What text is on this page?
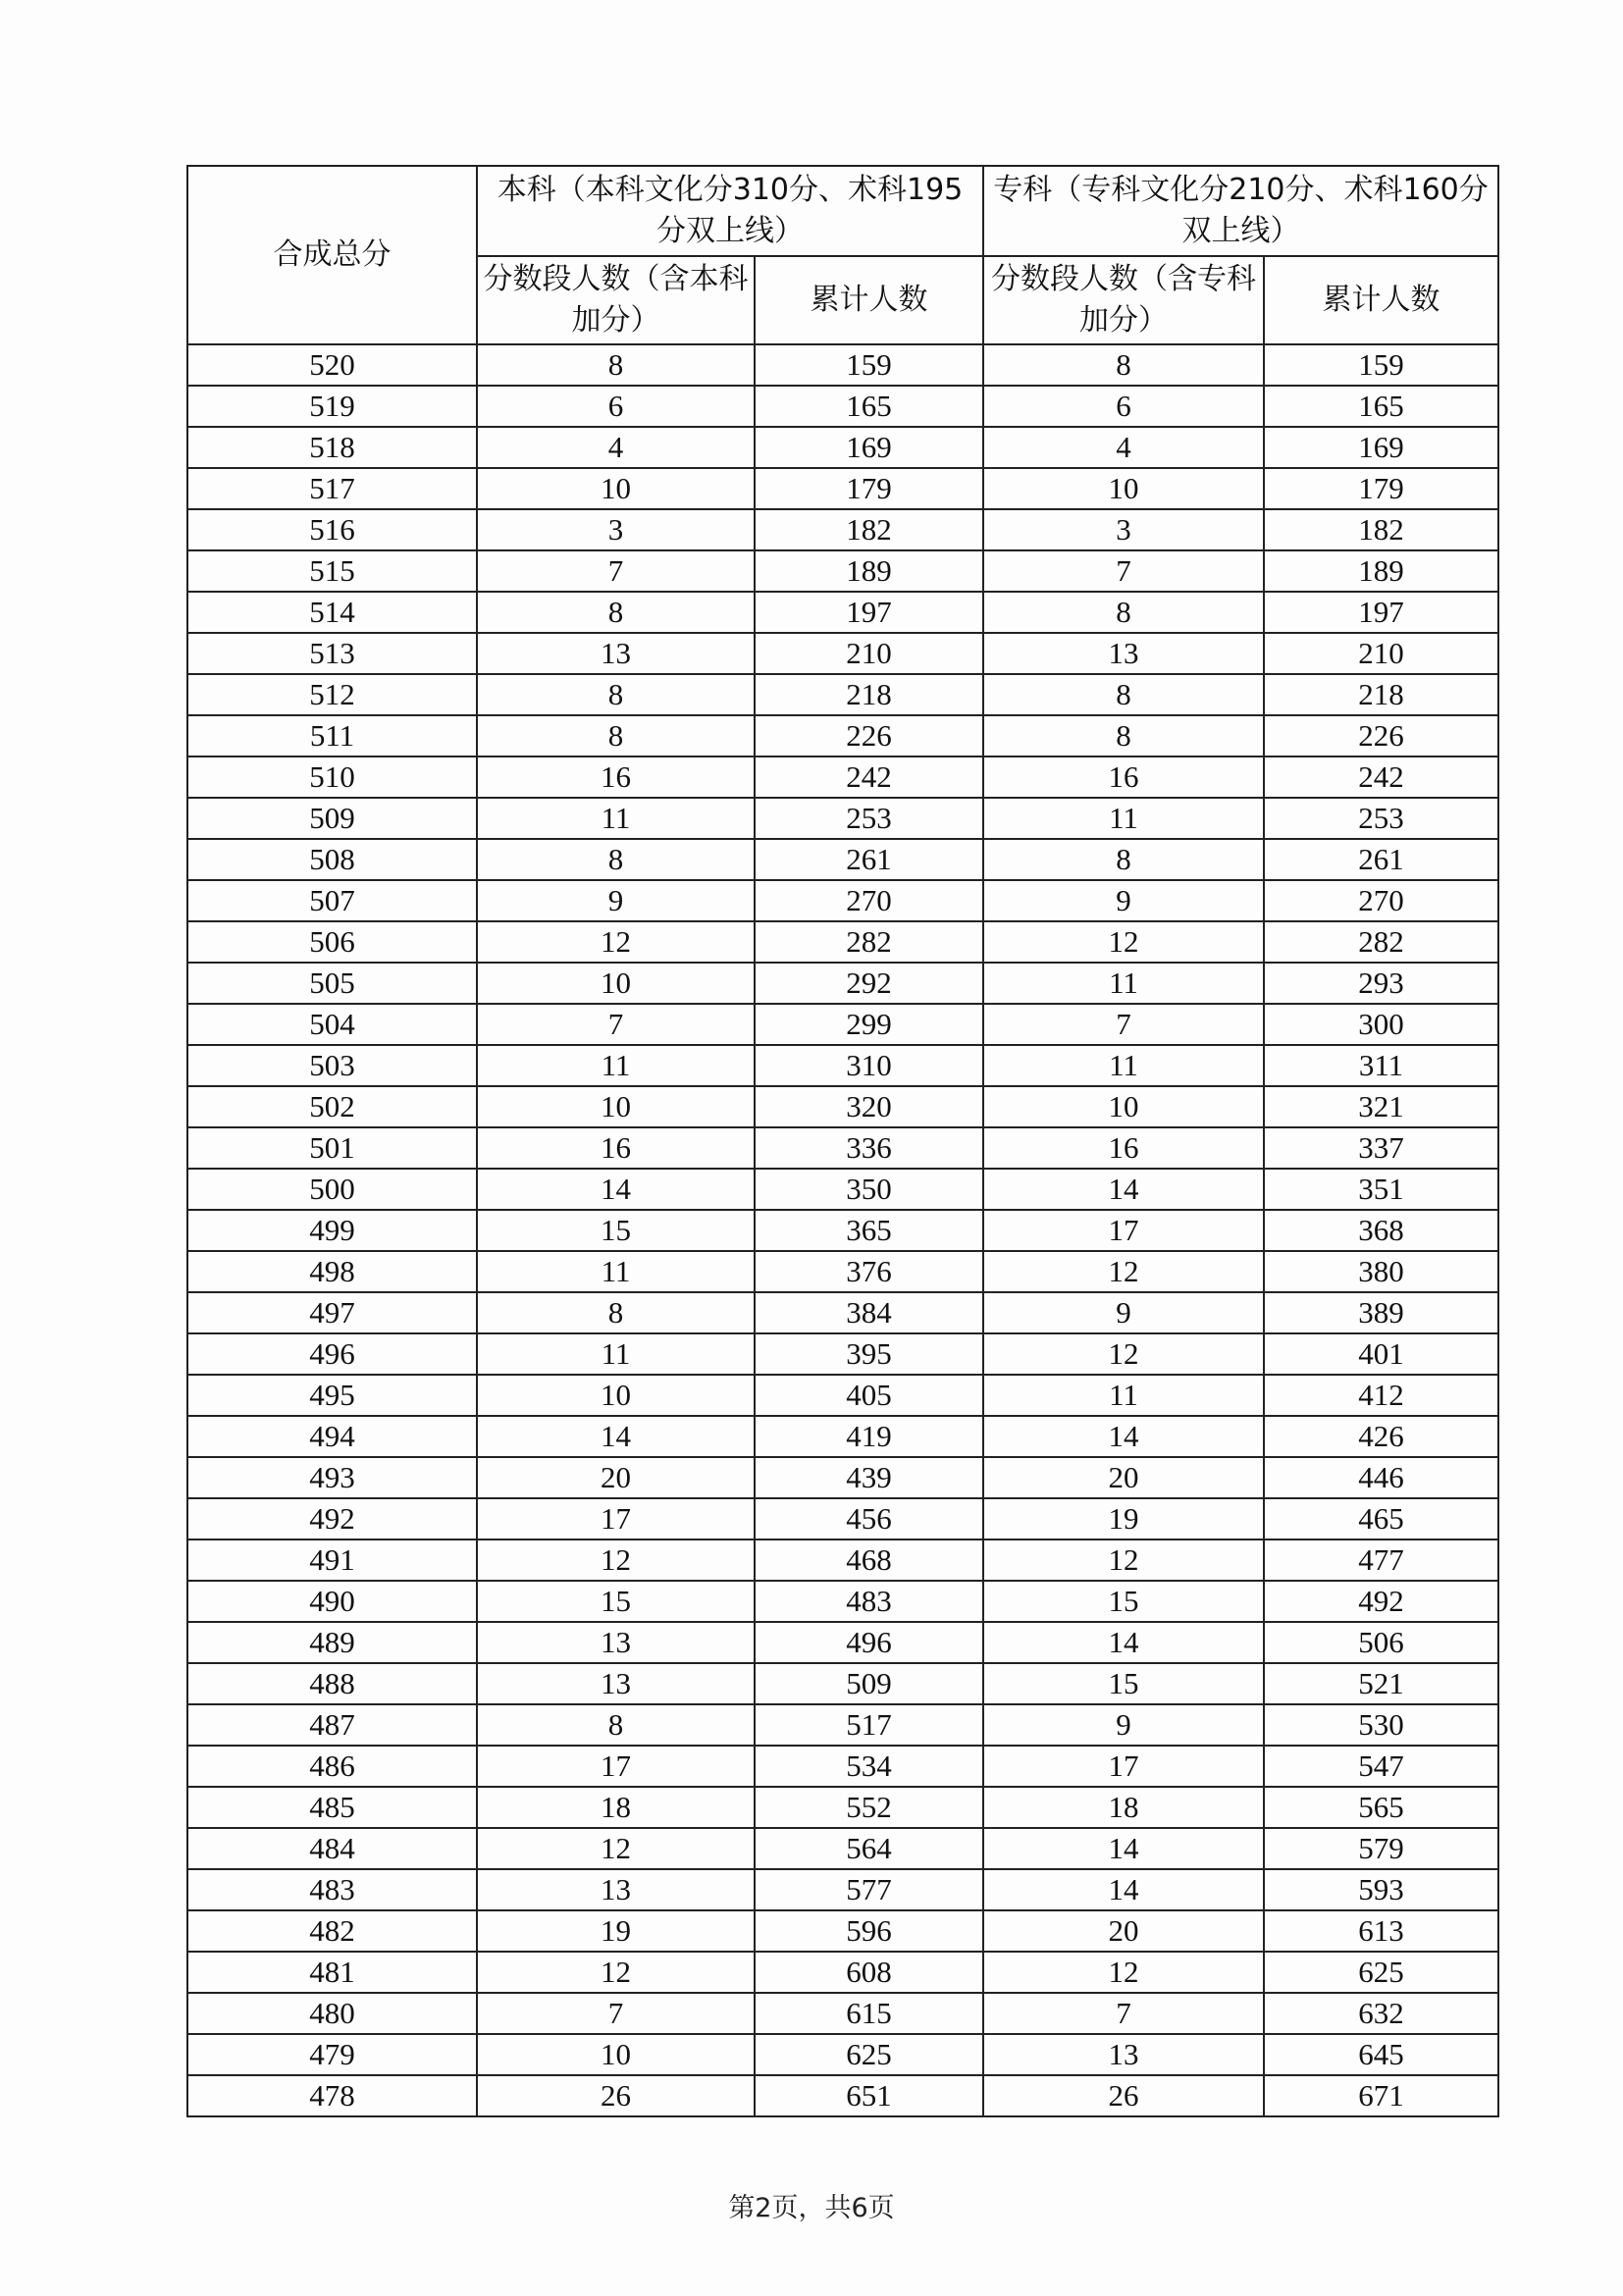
合成总分	本科（本科文化分310分、术科195分双上线）		专科（专科文化分210分、术科160分双上线）	
	分数段人数（含本科加分）	累计人数	分数段人数（含专科加分）	累计人数
520	8	159	8	159
519	6	165	6	165
518	4	169	4	169
517	10	179	10	179
516	3	182	3	182
515	7	189	7	189
514	8	197	8	197
513	13	210	13	210
512	8	218	8	218
511	8	226	8	226
510	16	242	16	242
509	11	253	11	253
508	8	261	8	261
507	9	270	9	270
506	12	282	12	282
505	10	292	11	293
504	7	299	7	300
503	11	310	11	311
502	10	320	10	321
501	16	336	16	337
500	14	350	14	351
499	15	365	17	368
498	11	376	12	380
497	8	384	9	389
496	11	395	12	401
495	10	405	11	412
494	14	419	14	426
493	20	439	20	446
492	17	456	19	465
491	12	468	12	477
490	15	483	15	492
489	13	496	14	506
488	13	509	15	521
487	8	517	9	530
486	17	534	17	547
485	18	552	18	565
484	12	564	14	579
483	13	577	14	593
482	19	596	20	613
481	12	608	12	625
480	7	615	7	632
479	10	625	13	645
478	26	651	26	671
第2页，共6页
